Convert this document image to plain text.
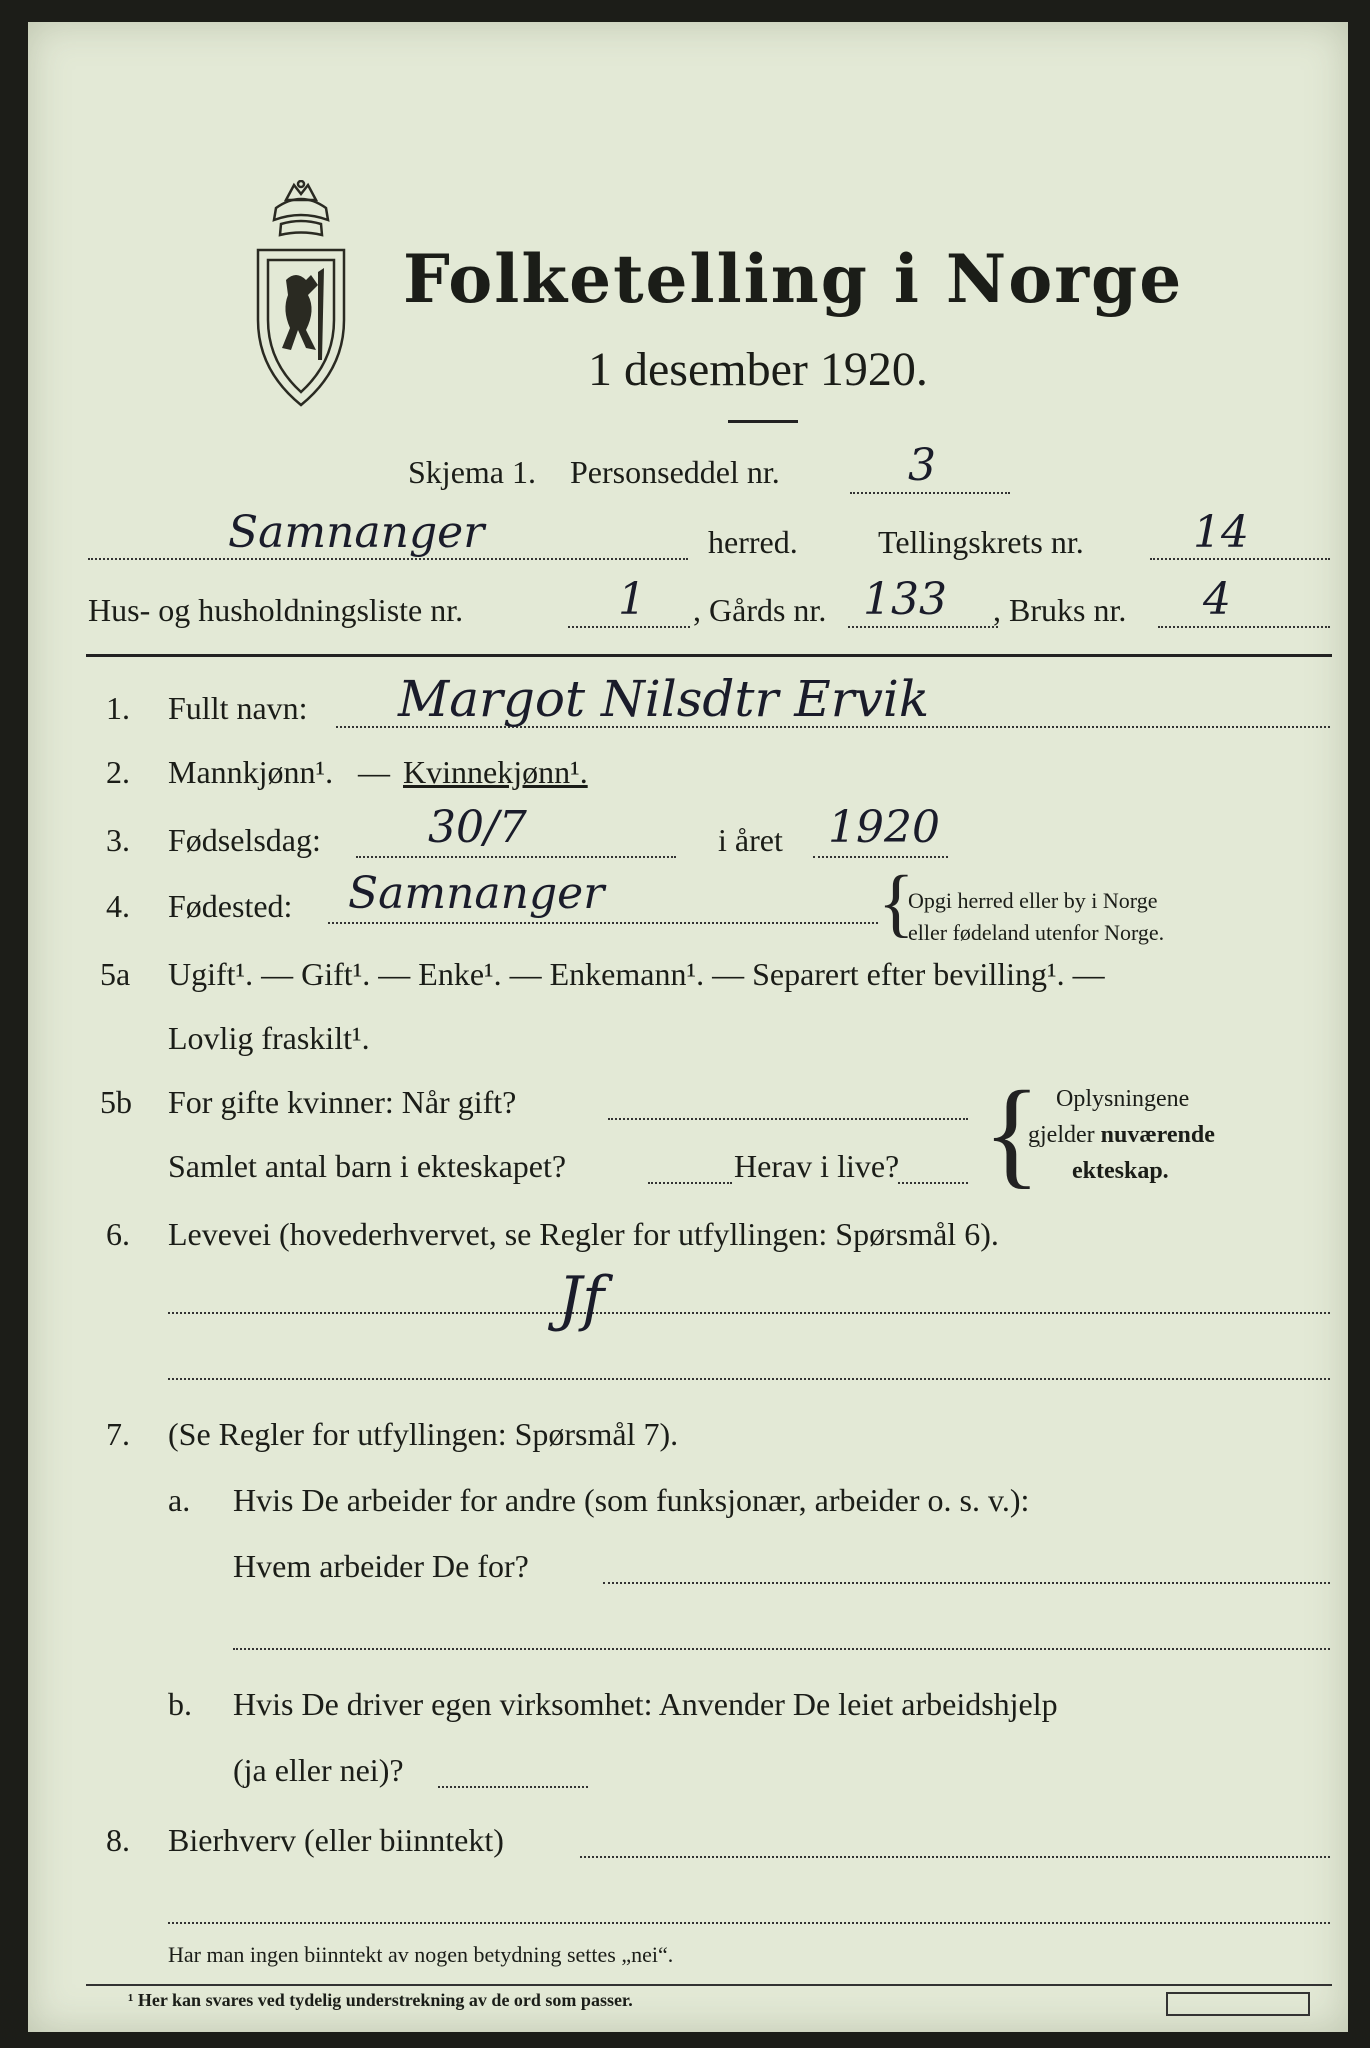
Folketelling i Norge
1 desember 1920.
Skjema 1. Personseddel nr.	3
Samnanger	herred.	Tellingskrets nr. 14
Hus- og husholdningsliste nr.	1 , Gårds nr. 133 , Bruks nr. 4
1. Fullt navn: Margot Nilsdtr Ervik
2. Mannkjønn¹. — Kvinnekjønn¹.
3. Fødselsdag: 30/7	i året 1920
4. Fødested: Samnanger	{
Opgi herred eller by i Norge
eller fødeland utenfor Norge.
5a Ugift¹. — Gift¹. — Enke¹. — Enkemann¹. — Separert efter bevilling¹. —
Lovlig fraskilt¹.
5b For gifte kvinner: Når gift?
Samlet antal barn i ekteskapet?	Herav i live? { Oplysningene
gjelder nuværende
ekteskap.
6. Levevei (hovederhvervet, se Regler for utfyllingen: Spørsmål 6).
Jf
7. (Se Regler for utfyllingen: Spørsmål 7).
a. Hvis De arbeider for andre (som funksjonær, arbeider o. s. v.):
Hvem arbeider De for?
b. Hvis De driver egen virksomhet: Anvender De leiet arbeidshjelp
(ja eller nei)?
8. Bierhverv (eller biinntekt)
Har man ingen biinntekt av nogen betydning settes „nei“.
¹ Her kan svares ved tydelig understrekning av de ord som passer.
